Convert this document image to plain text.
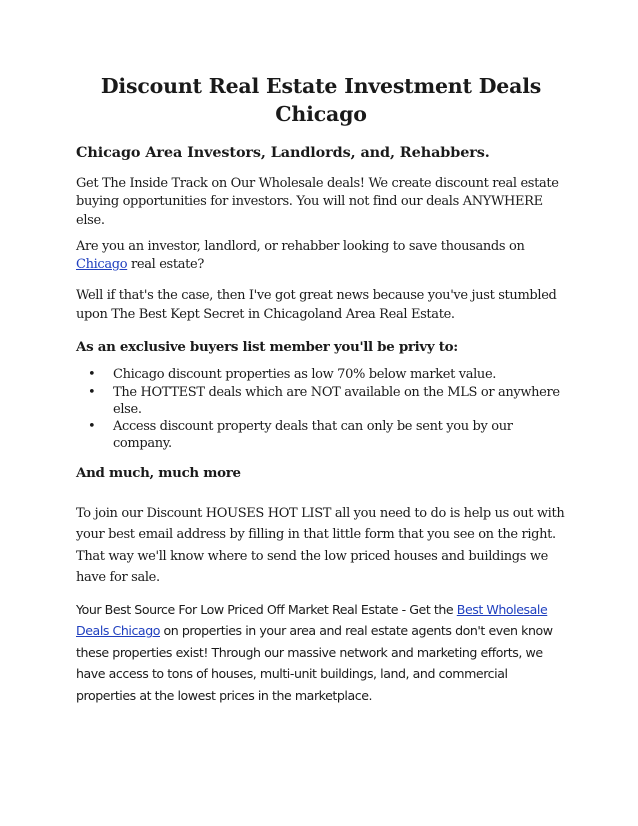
Discount Real Estate Investment Deals Chicago
Chicago Area Investors, Landlords, and, Rehabbers.

Get The Inside Track on Our Wholesale deals! We create discount real estate buying opportunities for investors. You will not find our deals ANYWHERE else.

Are you an investor, landlord, or rehabber looking to save thousands on Chicago real estate?

Well if that's the case, then I've got great news because you've just stumbled upon The Best Kept Secret in Chicagoland Area Real Estate.

As an exclusive buyers list member you'll be privy to:

• Chicago discount properties as low 70% below market value.
• The HOTTEST deals which are NOT available on the MLS or anywhere else.
• Access discount property deals that can only be sent you by our company.

And much, much more

To join our Discount HOUSES HOT LIST all you need to do is help us out with your best email address by filling in that little form that you see on the right. That way we'll know where to send the low priced houses and buildings we have for sale.

Your Best Source For Low Priced Off Market Real Estate - Get the Best Wholesale Deals Chicago on properties in your area and real estate agents don't even know these properties exist! Through our massive network and marketing efforts, we have access to tons of houses, multi-unit buildings, land, and commercial properties at the lowest prices in the marketplace.
